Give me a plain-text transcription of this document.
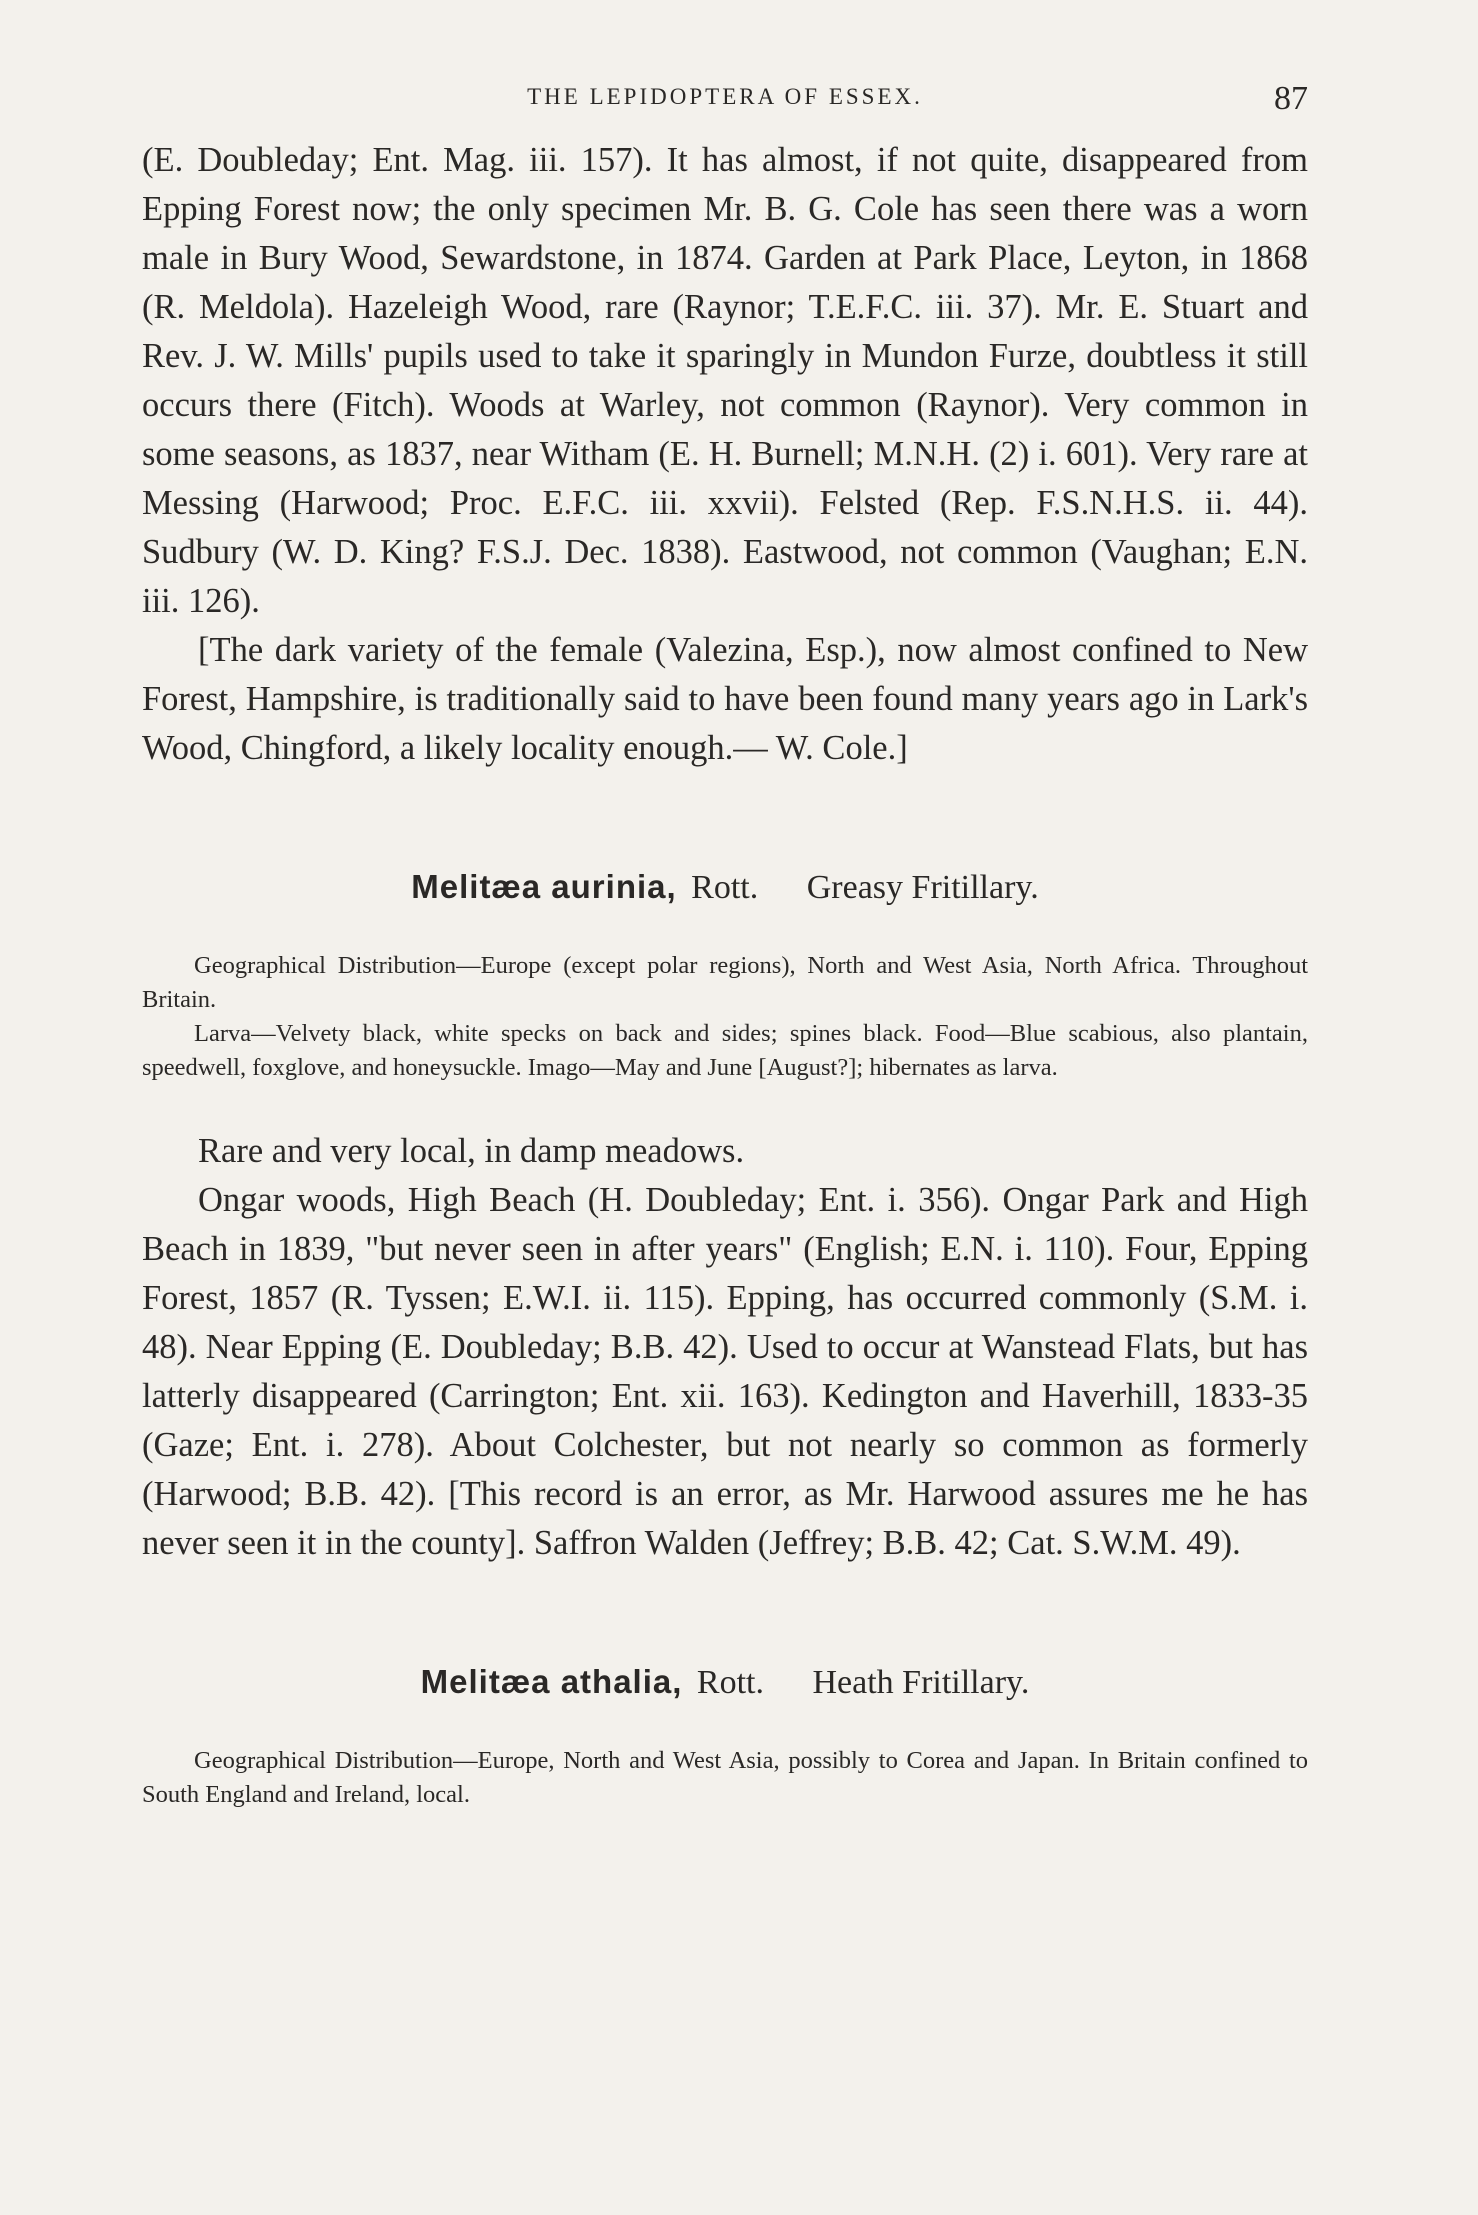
THE LEPIDOPTERA OF ESSEX.	87

(E. Doubleday; Ent. Mag. iii. 157). It has almost, if not quite, disappeared from Epping Forest now; the only specimen Mr. B. G. Cole has seen there was a worn male in Bury Wood, Sewardstone, in 1874. Garden at Park Place, Leyton, in 1868 (R. Meldola). Hazeleigh Wood, rare (Raynor; T.E.F.C. iii. 37). Mr. E. Stuart and Rev. J. W. Mills' pupils used to take it sparingly in Mundon Furze, doubtless it still occurs there (Fitch). Woods at Warley, not common (Raynor). Very common in some seasons, as 1837, near Witham (E. H. Burnell; M.N.H. (2) i. 601). Very rare at Messing (Harwood; Proc. E.F.C. iii. xxvii). Felsted (Rep. F.S.N.H.S. ii. 44). Sudbury (W. D. King? F.S.J. Dec. 1838). Eastwood, not common (Vaughan; E.N. iii. 126).

[The dark variety of the female (Valezina, Esp.), now almost confined to New Forest, Hampshire, is traditionally said to have been found many years ago in Lark's Wood, Chingford, a likely locality enough.— W. Cole.]

Melitæa aurinia, Rott. Greasy Fritillary.

Geographical Distribution—Europe (except polar regions), North and West Asia, North Africa. Throughout Britain.

Larva—Velvety black, white specks on back and sides; spines black. Food—Blue scabious, also plantain, speedwell, foxglove, and honeysuckle. Imago—May and June [August?]; hibernates as larva.

Rare and very local, in damp meadows.

Ongar woods, High Beach (H. Doubleday; Ent. i. 356). Ongar Park and High Beach in 1839, "but never seen in after years" (English; E.N. i. 110). Four, Epping Forest, 1857 (R. Tyssen; E.W.I. ii. 115). Epping, has occurred commonly (S.M. i. 48). Near Epping (E. Doubleday; B.B. 42). Used to occur at Wanstead Flats, but has latterly disappeared (Carrington; Ent. xii. 163). Kedington and Haverhill, 1833-35 (Gaze; Ent. i. 278). About Colchester, but not nearly so common as formerly (Harwood; B.B. 42). [This record is an error, as Mr. Harwood assures me he has never seen it in the county]. Saffron Walden (Jeffrey; B.B. 42; Cat. S.W.M. 49).

Melitæa athalia, Rott. Heath Fritillary.

Geographical Distribution—Europe, North and West Asia, possibly to Corea and Japan. In Britain confined to South England and Ireland, local.
